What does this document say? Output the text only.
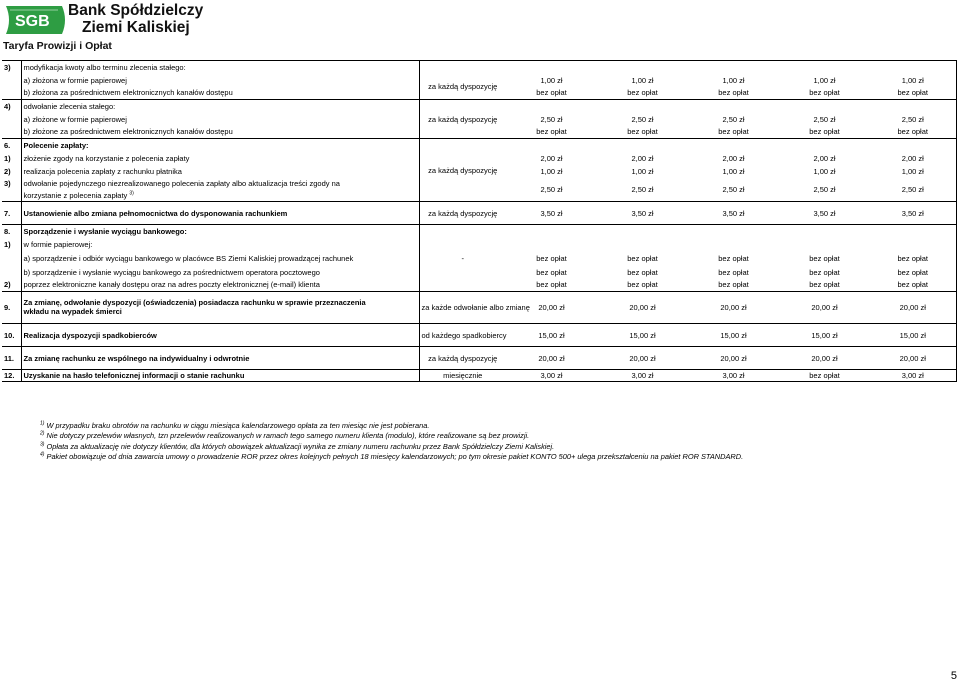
SGB
Bank Spółdzielczy
Ziemi Kaliskiej
Taryfa Prowizji i Opłat
3)	modyfikacja kwoty albo terminu zlecenia stałego:						
	a) złożona w formie papierowej	za każdą dyspozycję	1,00 zł	1,00 zł	1,00 zł	1,00 zł	1,00 zł
	b) złożona za pośrednictwem elektronicznych kanałów dostępu		bez opłat	bez opłat	bez opłat	bez opłat	bez opłat
4)	odwołanie zlecenia stałego:	za każdą dyspozycję					
	a) złożone w formie papierowej		2,50 zł	2,50 zł	2,50 zł	2,50 zł	2,50 zł
	b) złożone za pośrednictwem elektronicznych kanałów dostępu		bez opłat	bez opłat	bez opłat	bez opłat	bez opłat
6.	Polecenie zapłaty:	za każdą dyspozycję					
1)	złożenie zgody na korzystanie z polecenia zapłaty		2,00 zł	2,00 zł	2,00 zł	2,00 zł	2,00 zł
2)	realizacja polecenia zapłaty z rachunku płatnika		1,00 zł	1,00 zł	1,00 zł	1,00 zł	1,00 zł
3)	odwołanie pojedynczego niezrealizowanego polecenia zapłaty albo aktualizacja treści zgody na		2,50 zł	2,50 zł	2,50 zł	2,50 zł	2,50 zł
	korzystanie z polecenia zapłaty $^{3)}$
7.	Ustanowienie albo zmiana pełnomocnictwa do dysponowania rachunkiem	za każdą dyspozycję	3,50 zł	3,50 zł	3,50 zł	3,50 zł	3,50 zł
8.	Sporządzenie i wysłanie wyciągu bankowego:						
1)	w formie papierowej:						
	a) sporządzenie i odbiór wyciągu bankowego w placówce BS Ziemi Kaliskiej prowadzącej rachunek	-	bez opłat	bez opłat	bez opłat	bez opłat	bez opłat
	b) sporządzenie i wysłanie wyciągu bankowego za pośrednictwem operatora pocztowego		bez opłat	bez opłat	bez opłat	bez opłat	bez opłat
2)	poprzez elektroniczne kanały dostępu oraz na adres poczty elektronicznej (e-mail) klienta		bez opłat	bez opłat	bez opłat	bez opłat	bez opłat
9.	Za zmianę, odwołanie dyspozycji (oświadczenia) posiadacza rachunku w sprawie przeznaczenia	za każde odwołanie albo zmianę	20,00 zł	20,00 zł	20,00 zł	20,00 zł	20,00 zł
	wkładu na wypadek śmierci						
10.	Realizacja dyspozycji spadkobierców	od każdego spadkobiercy	15,00 zł	15,00 zł	15,00 zł	15,00 zł	15,00 zł
11.	Za zmianę rachunku ze wspólnego na indywidualny i odwrotnie	za każdą dyspozycję	20,00 zł	20,00 zł	20,00 zł	20,00 zł	20,00 zł
12.	Uzyskanie na hasło telefonicznej informacji o stanie rachunku	miesięcznie	3,00 zł	3,00 zł	3,00 zł	bez opłat	3,00 zł
$^{1)}$ W przypadku braku obrotów na rachunku w ciągu miesiąca kalendarzowego opłata za ten miesiąc nie jest pobierana.
$^{2)}$ Nie dotyczy przelewów własnych, tzn przelewów realizowanych w ramach tego samego numeru klienta (modulo), które realizowane są bez prowizji.
$^{3)}$ Opłata za aktualizację nie dotyczy klientów, dla których obowiązek aktualizacji wynika ze zmiany numeru rachunku przez Bank Spółdzielczy Ziemi Kaliskiej.
$^{4)}$ Pakiet obowiązuje od dnia zawarcia umowy o prowadzenie ROR przez okres kolejnych pełnych 18 miesięcy kalendarzowych; po tym okresie pakiet KONTO 500+ ulega przekształceniu na pakiet ROR STANDARD.
5
